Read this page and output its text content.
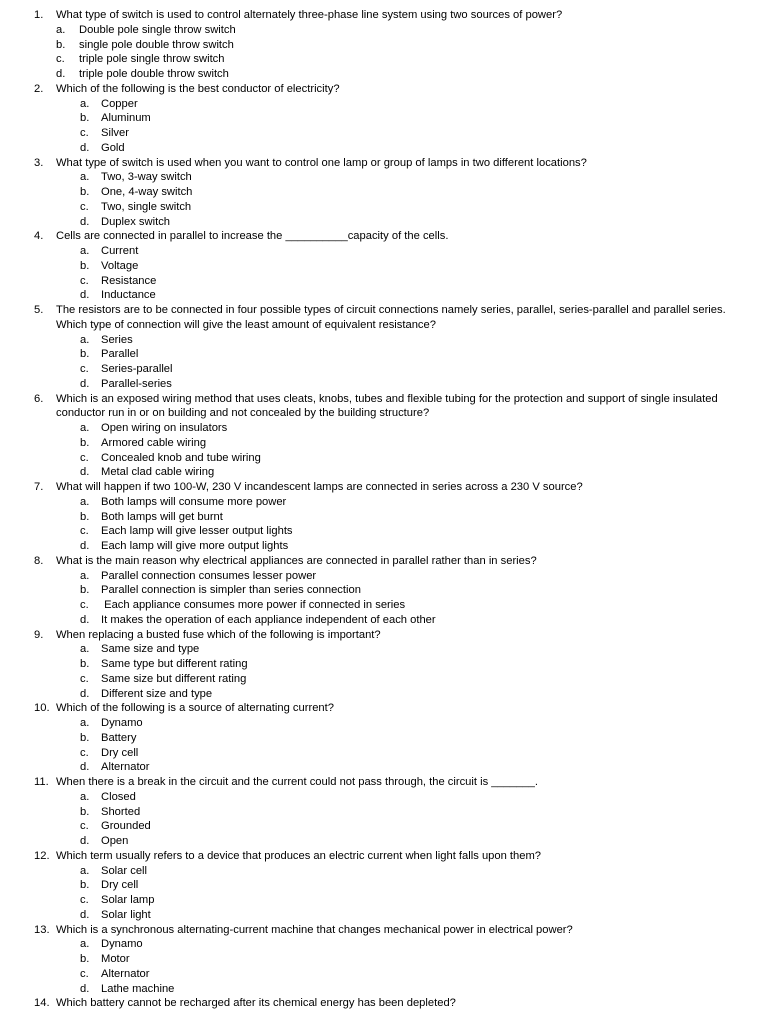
1.	What type of switch is used to control alternately three-phase line system using two sources of power?
a.	Double pole single throw switch
b.	single pole double throw switch
c.	triple pole single throw switch
d.	triple pole double throw switch
2.	Which of the following is the best conductor of electricity?
a.	Copper
b.	Aluminum
c.	Silver
d.	Gold
3.	What type of switch is used when you want to control one lamp or group of lamps in two different locations?
a.	Two, 3-way switch
b.	One, 4-way switch
c.	Two, single switch
d.	Duplex switch
4.	Cells are connected in parallel to increase the __________capacity of the cells.
a.	Current
b.	Voltage
c.	Resistance
d.	Inductance
5.	The resistors are to be connected in four possible types of circuit connections namely series, parallel, series-parallel and parallel series. Which type of connection will give the least amount of equivalent resistance?
a.	Series
b.	Parallel
c.	Series-parallel
d.	Parallel-series
6.	Which is an exposed wiring method that uses cleats, knobs, tubes and flexible tubing for the protection and support of single insulated conductor run in or on building and not concealed by the building structure?
a.	Open wiring on insulators
b.	Armored cable wiring
c.	Concealed knob and tube wiring
d.	Metal clad cable wiring
7.	What will happen if two 100-W, 230 V incandescent lamps are connected in series across a 230 V source?
a.	Both lamps will consume more power
b.	Both lamps will get burnt
c.	Each lamp will give lesser output lights
d.	Each lamp will give more output lights
8.	What is the main reason why electrical appliances are connected in parallel rather than in series?
a.	Parallel connection consumes lesser power
b.	Parallel connection is simpler than series connection
c.	Each appliance consumes more power if connected in series
d.	It makes the operation of each appliance independent of each other
9.	When replacing a busted fuse which of the following is important?
a.	Same size and type
b.	Same type but different rating
c.	Same size but different rating
d.	Different size and type
10. Which of the following is a source of alternating current?
a.	Dynamo
b.	Battery
c.	Dry cell
d.	Alternator
11. When there is a break in the circuit and the current could not pass through, the circuit is _______.
a.	Closed
b.	Shorted
c.	Grounded
d.	Open
12. Which term usually refers to a device that produces an electric current when light falls upon them?
a.	Solar cell
b.	Dry cell
c.	Solar lamp
d.	Solar light
13. Which is a synchronous alternating-current machine that changes mechanical power in electrical power?
a.	Dynamo
b.	Motor
c.	Alternator
d.	Lathe machine
14. Which battery cannot be recharged after its chemical energy has been depleted?
